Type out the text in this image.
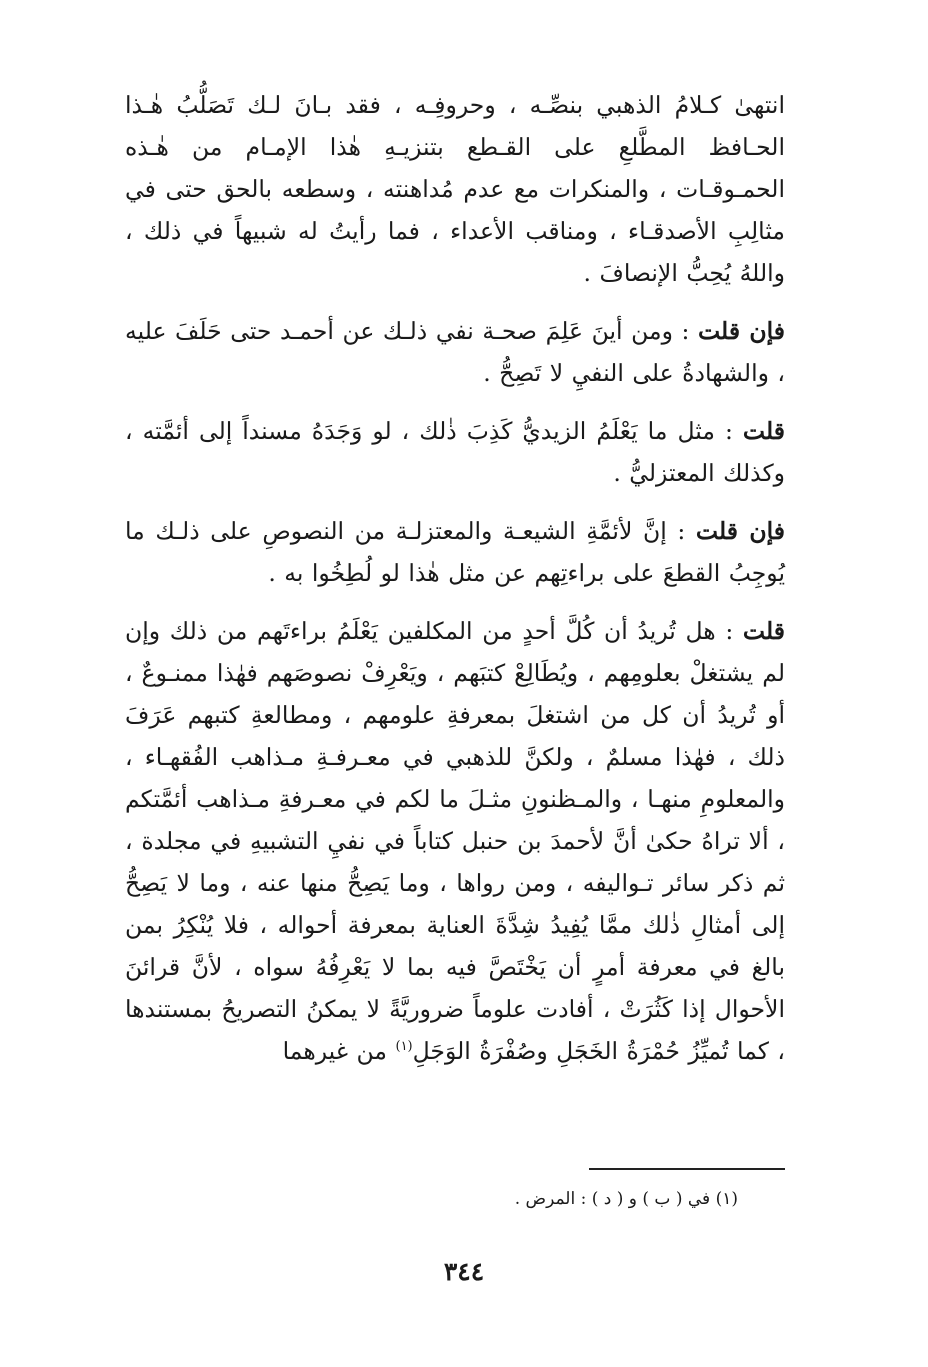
انتهىٰ كـلامُ الذهبي بنصِّـه ، وحروفِـه ، فقد بـانَ لـك تَصَلُّبُ هٰـذا الحـافظ المطَّلعِ على القـطع بتنزيـهِ هٰذا الإمـام من هٰـذه الحمـوقـات ، والمنكرات مع عدم مُداهنته ، وسطعه بالحق حتى في مثالِبِ الأصدقـاء ، ومناقب الأعداء ، فما رأيتُ له شبيهاً في ذلك ، واللهُ يُحِبُّ الإنصافَ .

فإن قلت : ومن أينَ عَلِمَ صحـة نفي ذلـك عن أحمـد حتى حَلَفَ عليه ، والشهادةُ على النفيِ لا تَصِحُّ .

قلت : مثل ما يَعْلَمُ الزيديُّ كَذِبَ ذٰلك ، لو وَجَدَهُ مسنداً إلى أئمَّته ، وكذلك المعتزليُّ .

فإن قلت : إنَّ لأئمَّةِ الشيعـة والمعتزلـة من النصوصِ على ذلـك ما يُوجِبُ القطعَ على براءتِهم عن مثل هٰذا لو لُطِخُوا به .

قلت : هل تُريدُ أن كُلَّ أحدٍ من المكلفين يَعْلَمُ براءتَهم من ذلك وإن لم يشتغلْ بعلومِهم ، ويُطَالِعْ كتبَهم ، ويَعْرِفْ نصوصَهم فهٰذا ممنـوعٌ ، أو تُريدُ أن كل من اشتغلَ بمعرفةِ علومهم ، ومطالعةِ كتبهم عَرَفَ ذلك ، فهٰذا مسلمٌ ، ولكنَّ للذهبي في معـرفـةِ مـذاهب الفُقهـاء ، والمعلومِ منهـا ، والمـظنونِ مثـلَ ما لكم في معـرفةِ مـذاهب أئمَّتكم ، ألا تراهُ حكىٰ أنَّ لأحمدَ بن حنبل كتاباً في نفيِ التشبيهِ في مجلدة ، ثم ذكر سائر تـواليفه ، ومن رواها ، وما يَصِحُّ منها عنه ، وما لا يَصِحُّ إلى أمثالِ ذٰلك ممَّا يُفِيدُ شِدَّةَ العناية بمعرفة أحواله ، فلا يُنْكِرُ بمن بالغ في معرفة أمرٍ أن يَخْتَصَّ فيه بما لا يَعْرِفُهُ سواه ، لأنَّ قرائنَ الأحوال إذا كَثُرَتْ ، أفادت علوماً ضروريَّةً لا يمكنُ التصريحُ بمستندها ، كما تُميِّزُ حُمْرَةُ الخَجَلِ وصُفْرَةُ الوَجَلِ$^{(١)}$ من غيرهما

(١) في ( ب ) و ( د ) : المرض .
٣٤٤
